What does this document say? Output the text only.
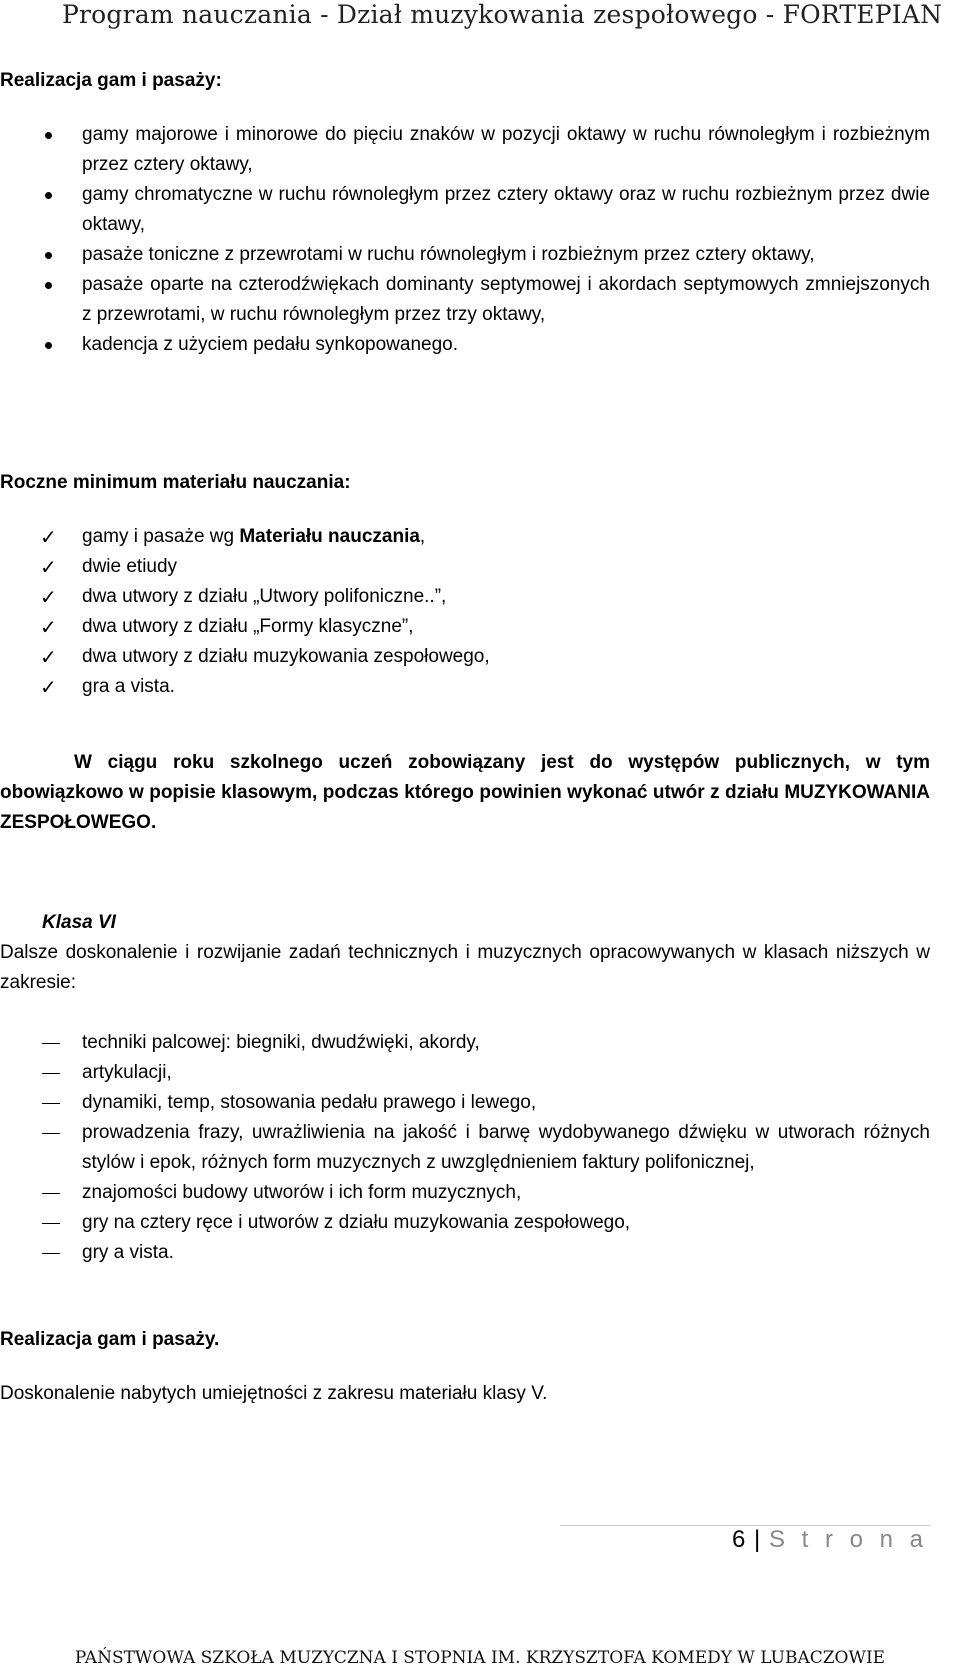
Program nauczania - Dział muzykowania zespołowego - FORTEPIAN

Realizacja gam i pasaży:

gamy majorowe i minorowe do pięciu znaków w pozycji oktawy w ruchu równoległym i rozbieżnym przez cztery oktawy,
gamy chromatyczne w ruchu równoległym przez cztery oktawy oraz w ruchu rozbieżnym przez dwie oktawy,
pasaże toniczne z przewrotami w ruchu równoległym i rozbieżnym przez cztery oktawy,
pasaże oparte na czterodźwiękach dominanty septymowej i akordach septymowych zmniejszonych z przewrotami, w ruchu równoległym przez trzy oktawy,
kadencja z użyciem pedału synkopowanego.

Roczne minimum materiału nauczania:

✓	gamy i pasaże wg Materiału nauczania,
✓	dwie etiudy
✓	dwa utwory z działu „Utwory polifoniczne..”,
✓	dwa utwory z działu „Formy klasyczne”,
✓	dwa utwory z działu muzykowania zespołowego,
✓	gra a vista.

W ciągu roku szkolnego uczeń zobowiązany jest do występów publicznych, w tym obowiązkowo w popisie klasowym, podczas którego powinien wykonać utwór z działu MUZYKOWANIA ZESPOŁOWEGO.

Klasa VI

Dalsze doskonalenie i rozwijanie zadań technicznych i muzycznych opracowywanych w klasach niższych w zakresie:

techniki palcowej: biegniki, dwudźwięki, akordy,
artykulacji,
dynamiki, temp, stosowania pedału prawego i lewego,
prowadzenia frazy, uwrażliwienia na jakość i barwę wydobywanego dźwięku w utworach różnych stylów i epok, różnych form muzycznych z uwzględnieniem faktury polifonicznej,
znajomości budowy utworów i ich form muzycznych,
gry na cztery ręce i utworów z działu muzykowania zespołowego,
gry a vista.

Realizacja gam i pasaży.

Doskonalenie nabytych umiejętności z zakresu materiału klasy V.

6 | S t r o n a
PAŃSTWOWA SZKOŁA MUZYCZNA I STOPNIA IM. KRZYSZTOFA KOMEDY W LUBACZOWIE
